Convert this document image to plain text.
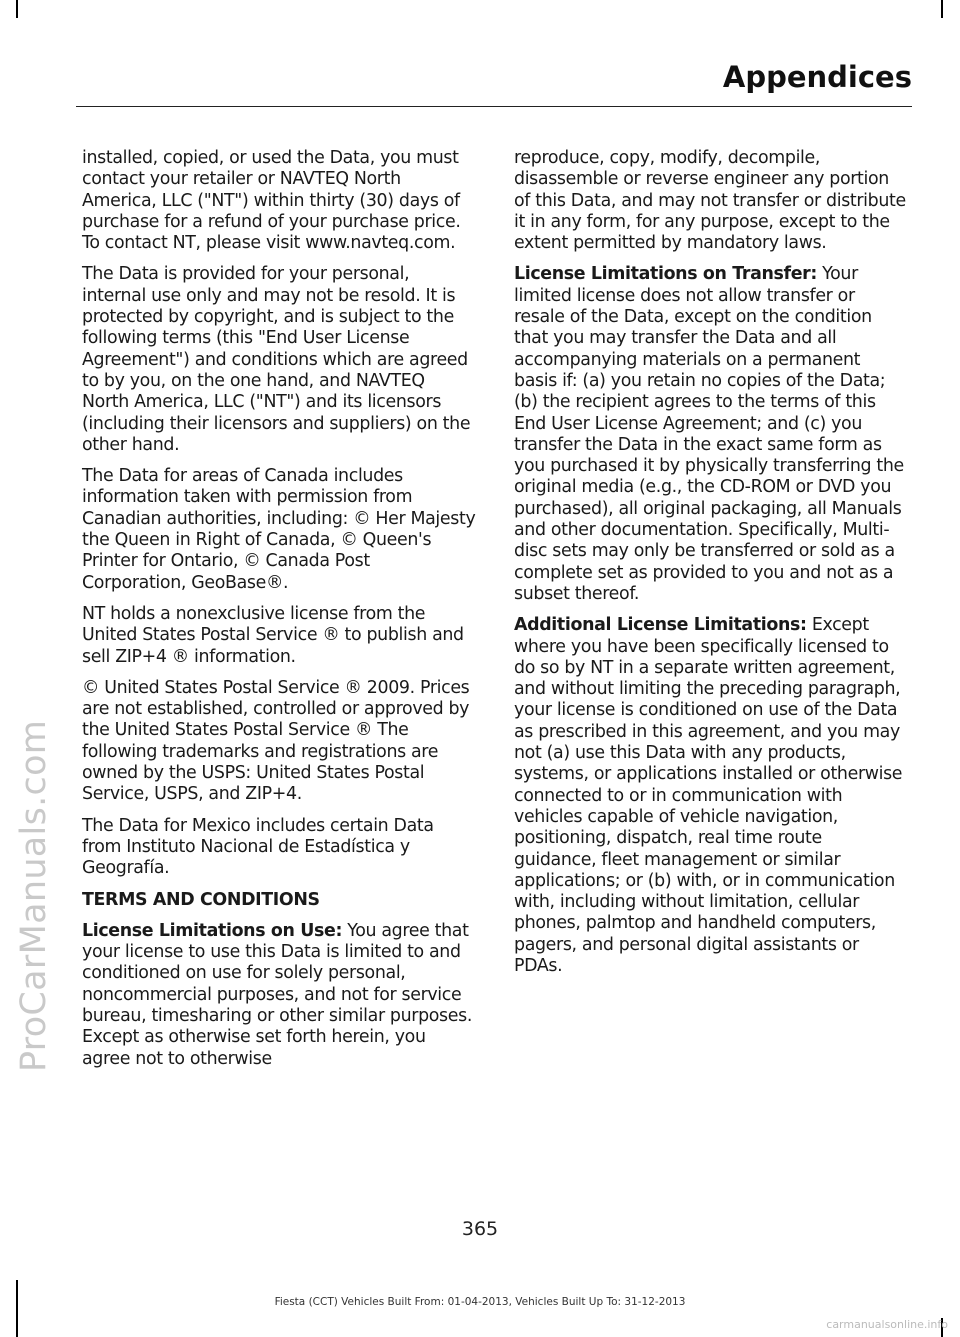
Appendices
ProCarManuals.com

installed, copied, or used the Data, you must contact your retailer or NAVTEQ North America, LLC ("NT") within thirty (30) days of purchase for a refund of your purchase price. To contact NT, please visit www.navteq.com.

The Data is provided for your personal, internal use only and may not be resold. It is protected by copyright, and is subject to the following terms (this "End User License Agreement") and conditions which are agreed to by you, on the one hand, and NAVTEQ North America, LLC ("NT") and its licensors (including their licensors and suppliers) on the other hand.

The Data for areas of Canada includes information taken with permission from Canadian authorities, including: © Her Majesty the Queen in Right of Canada, © Queen's Printer for Ontario, © Canada Post Corporation, GeoBase®.

NT holds a nonexclusive license from the United States Postal Service ® to publish and sell ZIP+4 ® information.

© United States Postal Service ® 2009. Prices are not established, controlled or approved by the United States Postal Service ® The following trademarks and registrations are owned by the USPS: United States Postal Service, USPS, and ZIP+4.

The Data for Mexico includes certain Data from Instituto Nacional de Estadística y Geografía.

TERMS AND CONDITIONS

License Limitations on Use: You agree that your license to use this Data is limited to and conditioned on use for solely personal, noncommercial purposes, and not for service bureau, timesharing or other similar purposes. Except as otherwise set forth herein, you agree not to otherwise

reproduce, copy, modify, decompile, disassemble or reverse engineer any portion of this Data, and may not transfer or distribute it in any form, for any purpose, except to the extent permitted by mandatory laws.

License Limitations on Transfer: Your limited license does not allow transfer or resale of the Data, except on the condition that you may transfer the Data and all accompanying materials on a permanent basis if: (a) you retain no copies of the Data; (b) the recipient agrees to the terms of this End User License Agreement; and (c) you transfer the Data in the exact same form as you purchased it by physically transferring the original media (e.g., the CD-ROM or DVD you purchased), all original packaging, all Manuals and other documentation. Specifically, Multi-disc sets may only be transferred or sold as a complete set as provided to you and not as a subset thereof.

Additional License Limitations: Except where you have been specifically licensed to do so by NT in a separate written agreement, and without limiting the preceding paragraph, your license is conditioned on use of the Data as prescribed in this agreement, and you may not (a) use this Data with any products, systems, or applications installed or otherwise connected to or in communication with vehicles capable of vehicle navigation, positioning, dispatch, real time route guidance, fleet management or similar applications; or (b) with, or in communication with, including without limitation, cellular phones, palmtop and handheld computers, pagers, and personal digital assistants or PDAs.

365
Fiesta (CCT) Vehicles Built From: 01-04-2013, Vehicles Built Up To: 31-12-2013
carmanualsonline.info
